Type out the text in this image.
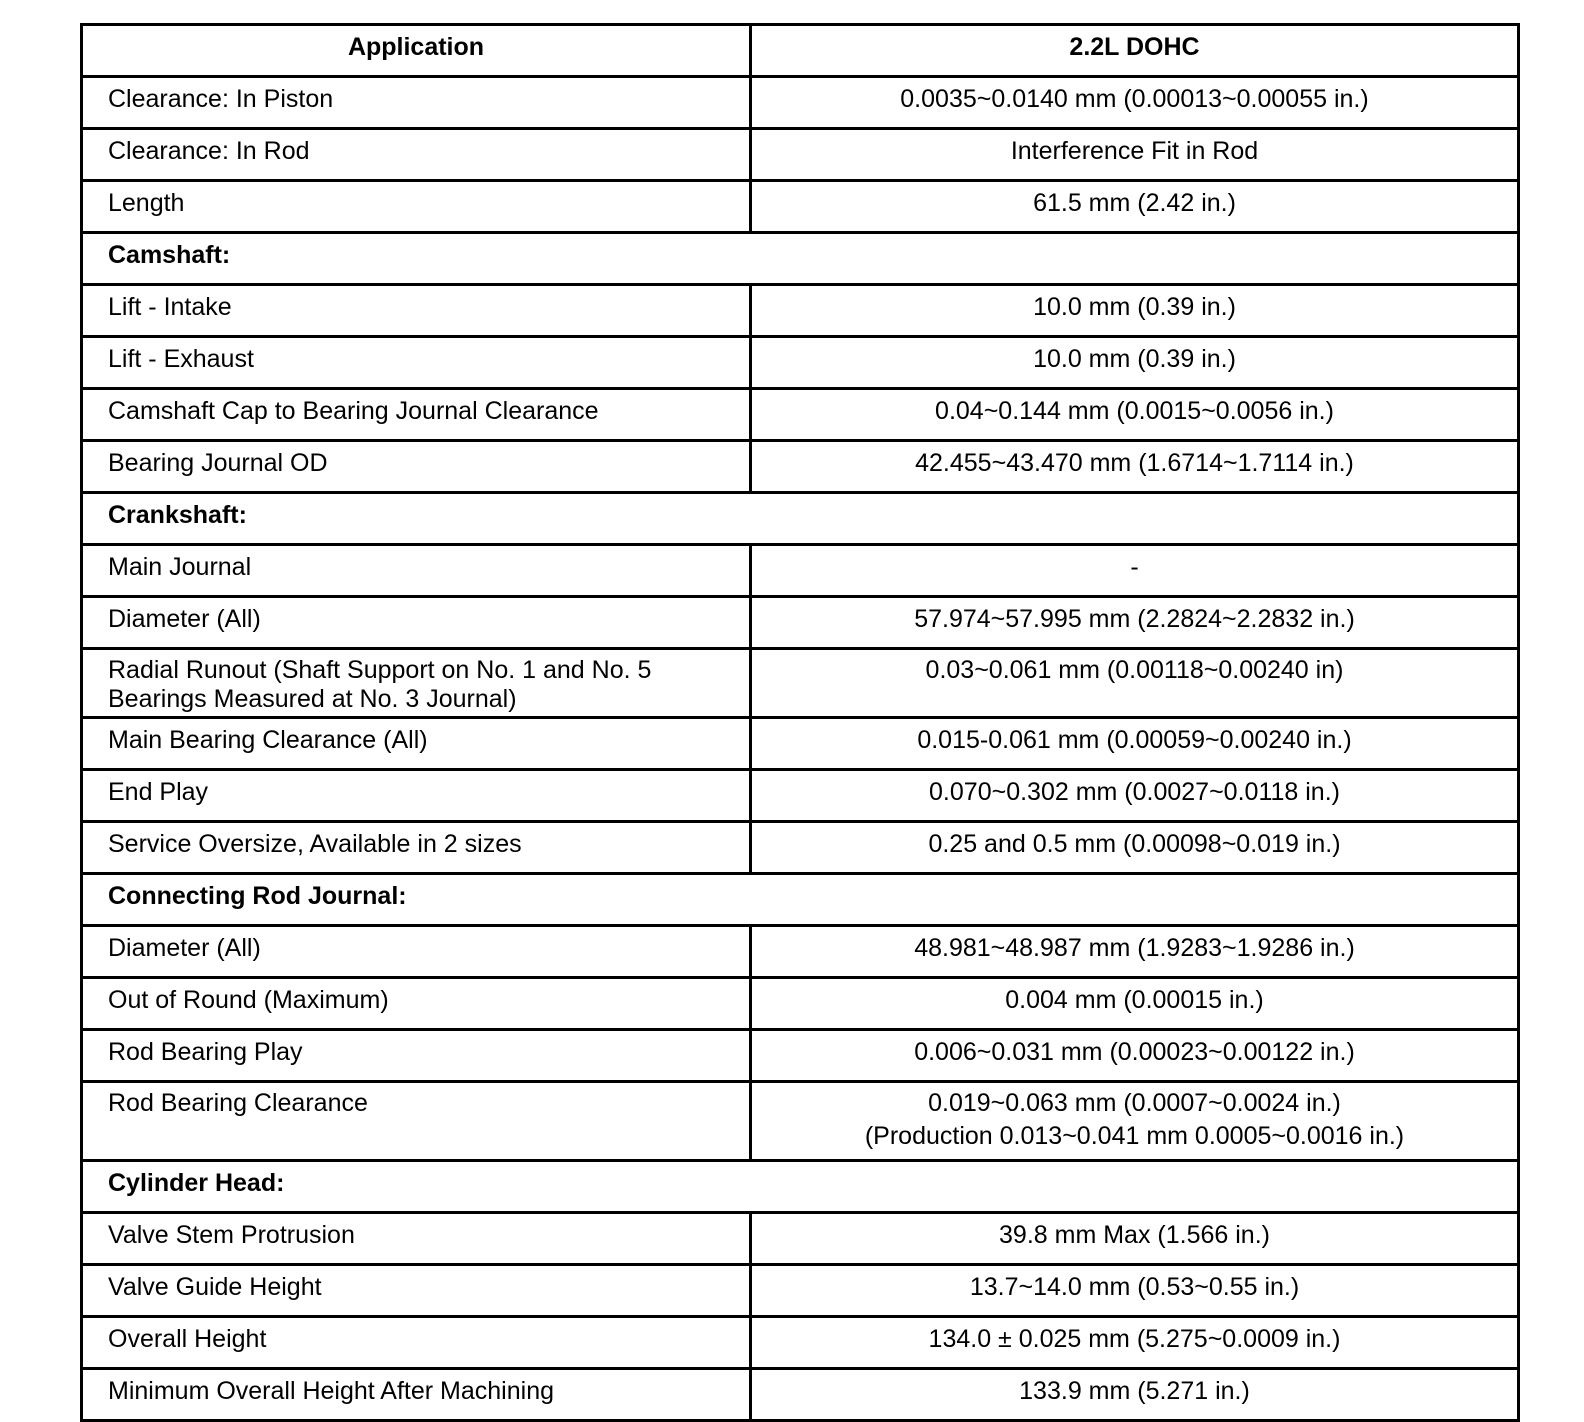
Application	2.2L DOHC
Clearance: In Piston	0.0035~0.0140 mm (0.00013~0.00055 in.)
Clearance: In Rod	Interference Fit in Rod
Length	61.5 mm (2.42 in.)
Camshaft:	
Lift - Intake	10.0 mm (0.39 in.)
Lift - Exhaust	10.0 mm (0.39 in.)
Camshaft Cap to Bearing Journal Clearance	0.04~0.144 mm (0.0015~0.0056 in.)
Bearing Journal OD	42.455~43.470 mm (1.6714~1.7114 in.)
Crankshaft:	
Main Journal	-
Diameter (All)	57.974~57.995 mm (2.2824~2.2832 in.)

Radial Runout (Shaft Support on No. 1 and No. 5
Bearings Measured at No. 3 Journal)	0.03~0.061 mm (0.00118~0.00240 in)
Main Bearing Clearance (All)	0.015-0.061 mm (0.00059~0.00240 in.)
End Play	0.070~0.302 mm (0.0027~0.0118 in.)
Service Oversize, Available in 2 sizes	0.25 and 0.5 mm (0.00098~0.019 in.)
Connecting Rod Journal:	
Diameter (All)	48.981~48.987 mm (1.9283~1.9286 in.)
Out of Round (Maximum)	0.004 mm (0.00015 in.)
Rod Bearing Play	0.006~0.031 mm (0.00023~0.00122 in.)
Rod Bearing Clearance	0.019~0.063 mm (0.0007~0.0024 in.)
(Production 0.013~0.041 mm 0.0005~0.0016 in.)

Cylinder Head:	
Valve Stem Protrusion	39.8 mm Max (1.566 in.)
Valve Guide Height	13.7~14.0 mm (0.53~0.55 in.)
Overall Height	134.0 ± 0.025 mm (5.275~0.0009 in.)
Minimum Overall Height After Machining	133.9 mm (5.271 in.)
